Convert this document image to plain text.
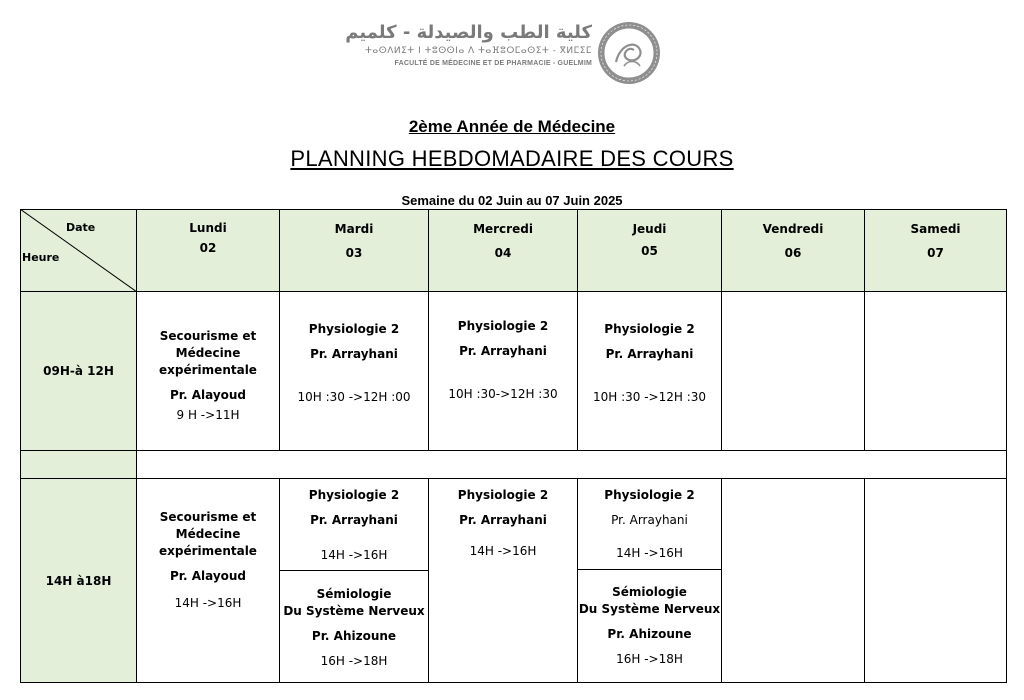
كلية الطب والصيدلة - كلميم
ⵜⴰⵙⴷⵍⵉⵜ ⵏ ⵜⵓⵙⵙⵏⴰ ⴷ ⵜⴰⴼⵓⵔⵎⴰⵙⵉⵜ - ⴳⵍⵎⵉⵎ
FACULTÉ DE MÉDECINE ET DE PHARMACIE - GUELMIM
2ème Année de Médecine
PLANNING HEBDOMADAIRE DES COURS
Semaine du 02 Juin au 07 Juin 2025
Date
Heure
Lundi
02
Mardi
03
Mercredi
04
Jeudi
05
Vendredi
06
Samedi
07
09H-à 12H
Secourisme et
Médecine
expérimentale
Pr. Alayoud
9 H ->11H
Physiologie 2
Pr. Arrayhani
10H :30 ->12H :00
Physiologie 2
Pr. Arrayhani
10H :30->12H :30
Physiologie 2
Pr. Arrayhani
10H :30 ->12H :30
14H à18H
Secourisme et
Médecine
expérimentale
Pr. Alayoud
14H ->16H
Physiologie 2
Pr. Arrayhani
14H ->16H
Sémiologie
Du Système Nerveux
Pr. Ahizoune
16H ->18H
Physiologie 2
Pr. Arrayhani
14H ->16H
Physiologie 2
Pr. Arrayhani
14H ->16H
Sémiologie
Du Système Nerveux
Pr. Ahizoune
16H ->18H
